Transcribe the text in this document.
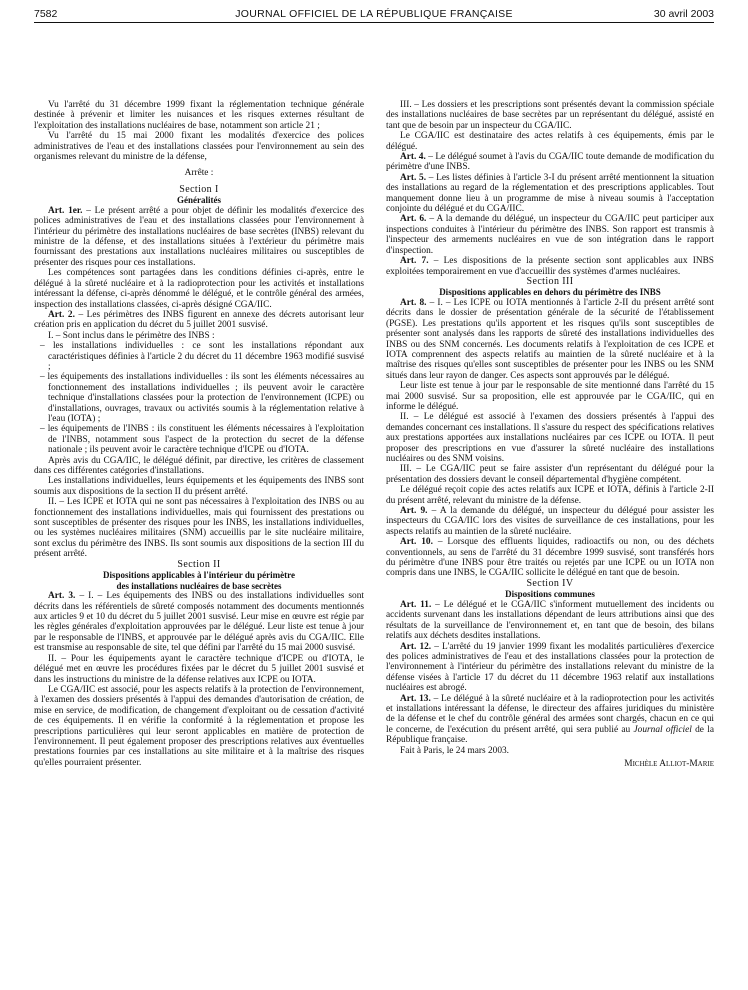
7582	JOURNAL OFFICIEL DE LA RÉPUBLIQUE FRANÇAISE	30 avril 2003

Vu l'arrêté du 31 décembre 1999 fixant la réglementation technique générale destinée à prévenir et limiter les nuisances et les risques externes résultant de l'exploitation des installations nucléaires de base, notamment son article 21 ;

Vu l'arrêté du 15 mai 2000 fixant les modalités d'exercice des polices administratives de l'eau et des installations classées pour l'environnement au sein des organismes relevant du ministre de la défense,

Arrête :

Section I

Généralités

Art. 1er. – Le présent arrêté a pour objet de définir les modalités d'exercice des polices administratives de l'eau et des installations classées pour l'environnement à l'intérieur du périmètre des installations nucléaires de base secrètes (INBS) relevant du ministre de la défense, et des installations situées à l'extérieur du périmètre mais fournissant des prestations aux installations nucléaires militaires ou susceptibles de présenter des risques pour ces installations.

Les compétences sont partagées dans les conditions définies ci-après, entre le délégué à la sûreté nucléaire et à la radioprotection pour les activités et installations intéressant la défense, ci-après dénommé le délégué, et le contrôle général des armées, inspection des installations classées, ci-après désigné CGA/IIC.

Art. 2. – Les périmètres des INBS figurent en annexe des décrets autorisant leur création pris en application du décret du 5 juillet 2001 susvisé.

I. – Sont inclus dans le périmètre des INBS :

– les installations individuelles : ce sont les installations répondant aux caractéristiques définies à l'article 2 du décret du 11 décembre 1963 modifié susvisé ;

– les équipements des installations individuelles : ils sont les éléments nécessaires au fonctionnement des installations individuelles ; ils peuvent avoir le caractère technique d'installations classées pour la protection de l'environnement (ICPE) ou d'installations, ouvrages, travaux ou activités soumis à la réglementation relative à l'eau (IOTA) ;

– les équipements de l'INBS : ils constituent les éléments nécessaires à l'exploitation de l'INBS, notamment sous l'aspect de la protection du secret de la défense nationale ; ils peuvent avoir le caractère technique d'ICPE ou d'IOTA.

Après avis du CGA/IIC, le délégué définit, par directive, les critères de classement dans ces différentes catégories d'installations.

Les installations individuelles, leurs équipements et les équipements des INBS sont soumis aux dispositions de la section II du présent arrêté.

II. – Les ICPE et IOTA qui ne sont pas nécessaires à l'exploitation des INBS ou au fonctionnement des installations individuelles, mais qui fournissent des prestations ou sont susceptibles de présenter des risques pour les INBS, les installations individuelles, ou les systèmes nucléaires militaires (SNM) accueillis par le site nucléaire militaire, sont exclus du périmètre des INBS. Ils sont soumis aux dispositions de la section III du présent arrêté.

Section II

Dispositions applicables à l'intérieur du périmètre
des installations nucléaires de base secrètes

Art. 3. – I. – Les équipements des INBS ou des installations individuelles sont décrits dans les référentiels de sûreté composés notamment des documents mentionnés aux articles 9 et 10 du décret du 5 juillet 2001 susvisé. Leur mise en œuvre est régie par les règles générales d'exploitation approuvées par le délégué. Leur liste est tenue à jour par le responsable de l'INBS, et approuvée par le délégué après avis du CGA/IIC. Elle est transmise au responsable de site, tel que défini par l'arrêté du 15 mai 2000 susvisé.

II. – Pour les équipements ayant le caractère technique d'ICPE ou d'IOTA, le délégué met en œuvre les procédures fixées par le décret du 5 juillet 2001 susvisé et dans les instructions du ministre de la défense relatives aux ICPE ou IOTA.

Le CGA/IIC est associé, pour les aspects relatifs à la protection de l'environnement, à l'examen des dossiers présentés à l'appui des demandes d'autorisation de création, de mise en service, de modification, de changement d'exploitant ou de cessation d'activité de ces équipements. Il en vérifie la conformité à la réglementation et propose les prescriptions particulières qui leur seront applicables en matière de protection de l'environnement. Il peut également proposer des prescriptions relatives aux éventuelles prestations fournies par ces installations au site militaire et à la maîtrise des risques qu'elles pourraient présenter.

III. – Les dossiers et les prescriptions sont présentés devant la commission spéciale des installations nucléaires de base secrètes par un représentant du délégué, assisté en tant que de besoin par un inspecteur du CGA/IIC.

Le CGA/IIC est destinataire des actes relatifs à ces équipements, émis par le délégué.

Art. 4. – Le délégué soumet à l'avis du CGA/IIC toute demande de modification du périmètre d'une INBS.

Art. 5. – Les listes définies à l'article 3-I du présent arrêté mentionnent la situation des installations au regard de la réglementation et des prescriptions applicables. Tout manquement donne lieu à un programme de mise à niveau soumis à l'acceptation conjointe du délégué et du CGA/IIC.

Art. 6. – A la demande du délégué, un inspecteur du CGA/IIC peut participer aux inspections conduites à l'intérieur du périmètre des INBS. Son rapport est transmis à l'inspecteur des armements nucléaires en vue de son intégration dans le rapport d'inspection.

Art. 7. – Les dispositions de la présente section sont applicables aux INBS exploitées temporairement en vue d'accueillir des systèmes d'armes nucléaires.

Section III

Dispositions applicables en dehors du périmètre des INBS

Art. 8. – I. – Les ICPE ou IOTA mentionnés à l'article 2-II du présent arrêté sont décrits dans le dossier de présentation générale de la sécurité de l'établissement (PGSE). Les prestations qu'ils apportent et les risques qu'ils sont susceptibles de présenter sont analysés dans les rapports de sûreté des installations individuelles des INBS ou des SNM concernés. Les documents relatifs à l'exploitation de ces ICPE et IOTA comprennent des aspects relatifs au maintien de la sûreté nucléaire et à la maîtrise des risques qu'elles sont susceptibles de présenter pour les INBS ou les SNM situés dans leur rayon de danger. Ces aspects sont approuvés par le délégué.

Leur liste est tenue à jour par le responsable de site mentionné dans l'arrêté du 15 mai 2000 susvisé. Sur sa proposition, elle est approuvée par le CGA/IIC, qui en informe le délégué.

II. – Le délégué est associé à l'examen des dossiers présentés à l'appui des demandes concernant ces installations. Il s'assure du respect des spécifications relatives aux prestations apportées aux installations nucléaires par ces ICPE ou IOTA. Il peut proposer des prescriptions en vue d'assurer la sûreté nucléaire des installations nucléaires ou des SNM voisins.

III. – Le CGA/IIC peut se faire assister d'un représentant du délégué pour la présentation des dossiers devant le conseil départemental d'hygiène compétent.

Le délégué reçoit copie des actes relatifs aux ICPE et IOTA, définis à l'article 2-II du présent arrêté, relevant du ministre de la défense.

Art. 9. – A la demande du délégué, un inspecteur du délégué pour assister les inspecteurs du CGA/IIC lors des visites de surveillance de ces installations, pour les aspects relatifs au maintien de la sûreté nucléaire.

Art. 10. – Lorsque des effluents liquides, radioactifs ou non, ou des déchets conventionnels, au sens de l'arrêté du 31 décembre 1999 susvisé, sont transférés hors du périmètre d'une INBS pour être traités ou rejetés par une ICPE ou un IOTA non compris dans une INBS, le CGA/IIC sollicite le délégué en tant que de besoin.

Section IV

Dispositions communes

Art. 11. – Le délégué et le CGA/IIC s'informent mutuellement des incidents ou accidents survenant dans les installations dépendant de leurs attributions ainsi que des résultats de la surveillance de l'environnement et, en tant que de besoin, des bilans relatifs aux déchets desdites installations.

Art. 12. – L'arrêté du 19 janvier 1999 fixant les modalités particulières d'exercice des polices administratives de l'eau et des installations classées pour la protection de l'environnement à l'intérieur du périmètre des installations relevant du ministre de la défense visées à l'article 17 du décret du 11 décembre 1963 relatif aux installations nucléaires est abrogé.

Art. 13. – Le délégué à la sûreté nucléaire et à la radioprotection pour les activités et installations intéressant la défense, le directeur des affaires juridiques du ministère de la défense et le chef du contrôle général des armées sont chargés, chacun en ce qui le concerne, de l'exécution du présent arrêté, qui sera publié au Journal officiel de la République française.

Fait à Paris, le 24 mars 2003.

Michèle Alliot-Marie
